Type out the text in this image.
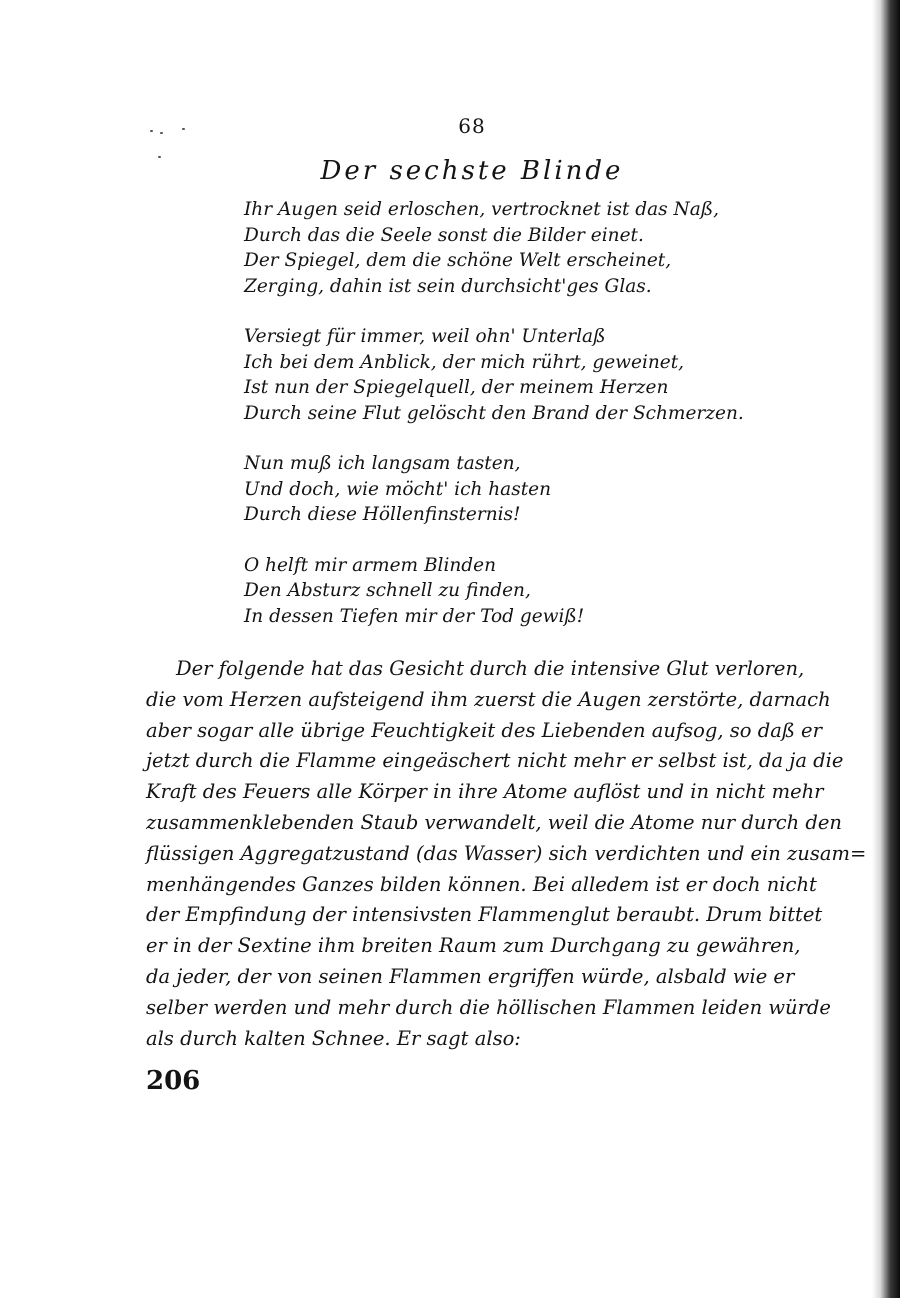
68
Der sechste Blinde
Ihr Augen seid erloschen, vertrocknet ist das Naß,
Durch das die Seele sonst die Bilder einet.
Der Spiegel, dem die schöne Welt erscheinet,
Zerging, dahin ist sein durchsicht'ges Glas.
Versiegt für immer, weil ohn' Unterlaß
Ich bei dem Anblick, der mich rührt, geweinet,
Ist nun der Spiegelquell, der meinem Herzen
Durch seine Flut gelöscht den Brand der Schmerzen.
Nun muß ich langsam tasten,
Und doch, wie möcht' ich hasten
Durch diese Höllenfinsternis!
O helft mir armem Blinden
Den Absturz schnell zu finden,
In dessen Tiefen mir der Tod gewiß!
Der folgende hat das Gesicht durch die intensive Glut verloren,
die vom Herzen aufsteigend ihm zuerst die Augen zerstörte, darnach
aber sogar alle übrige Feuchtigkeit des Liebenden aufsog, so daß er
jetzt durch die Flamme eingeäschert nicht mehr er selbst ist, da ja die
Kraft des Feuers alle Körper in ihre Atome auflöst und in nicht mehr
zusammenklebenden Staub verwandelt, weil die Atome nur durch den
flüssigen Aggregatzustand (das Wasser) sich verdichten und ein zusam=
menhängendes Ganzes bilden können. Bei alledem ist er doch nicht
der Empfindung der intensivsten Flammenglut beraubt. Drum bittet
er in der Sextine ihm breiten Raum zum Durchgang zu gewähren,
da jeder, der von seinen Flammen ergriffen würde, alsbald wie er
selber werden und mehr durch die höllischen Flammen leiden würde
als durch kalten Schnee. Er sagt also:
206
